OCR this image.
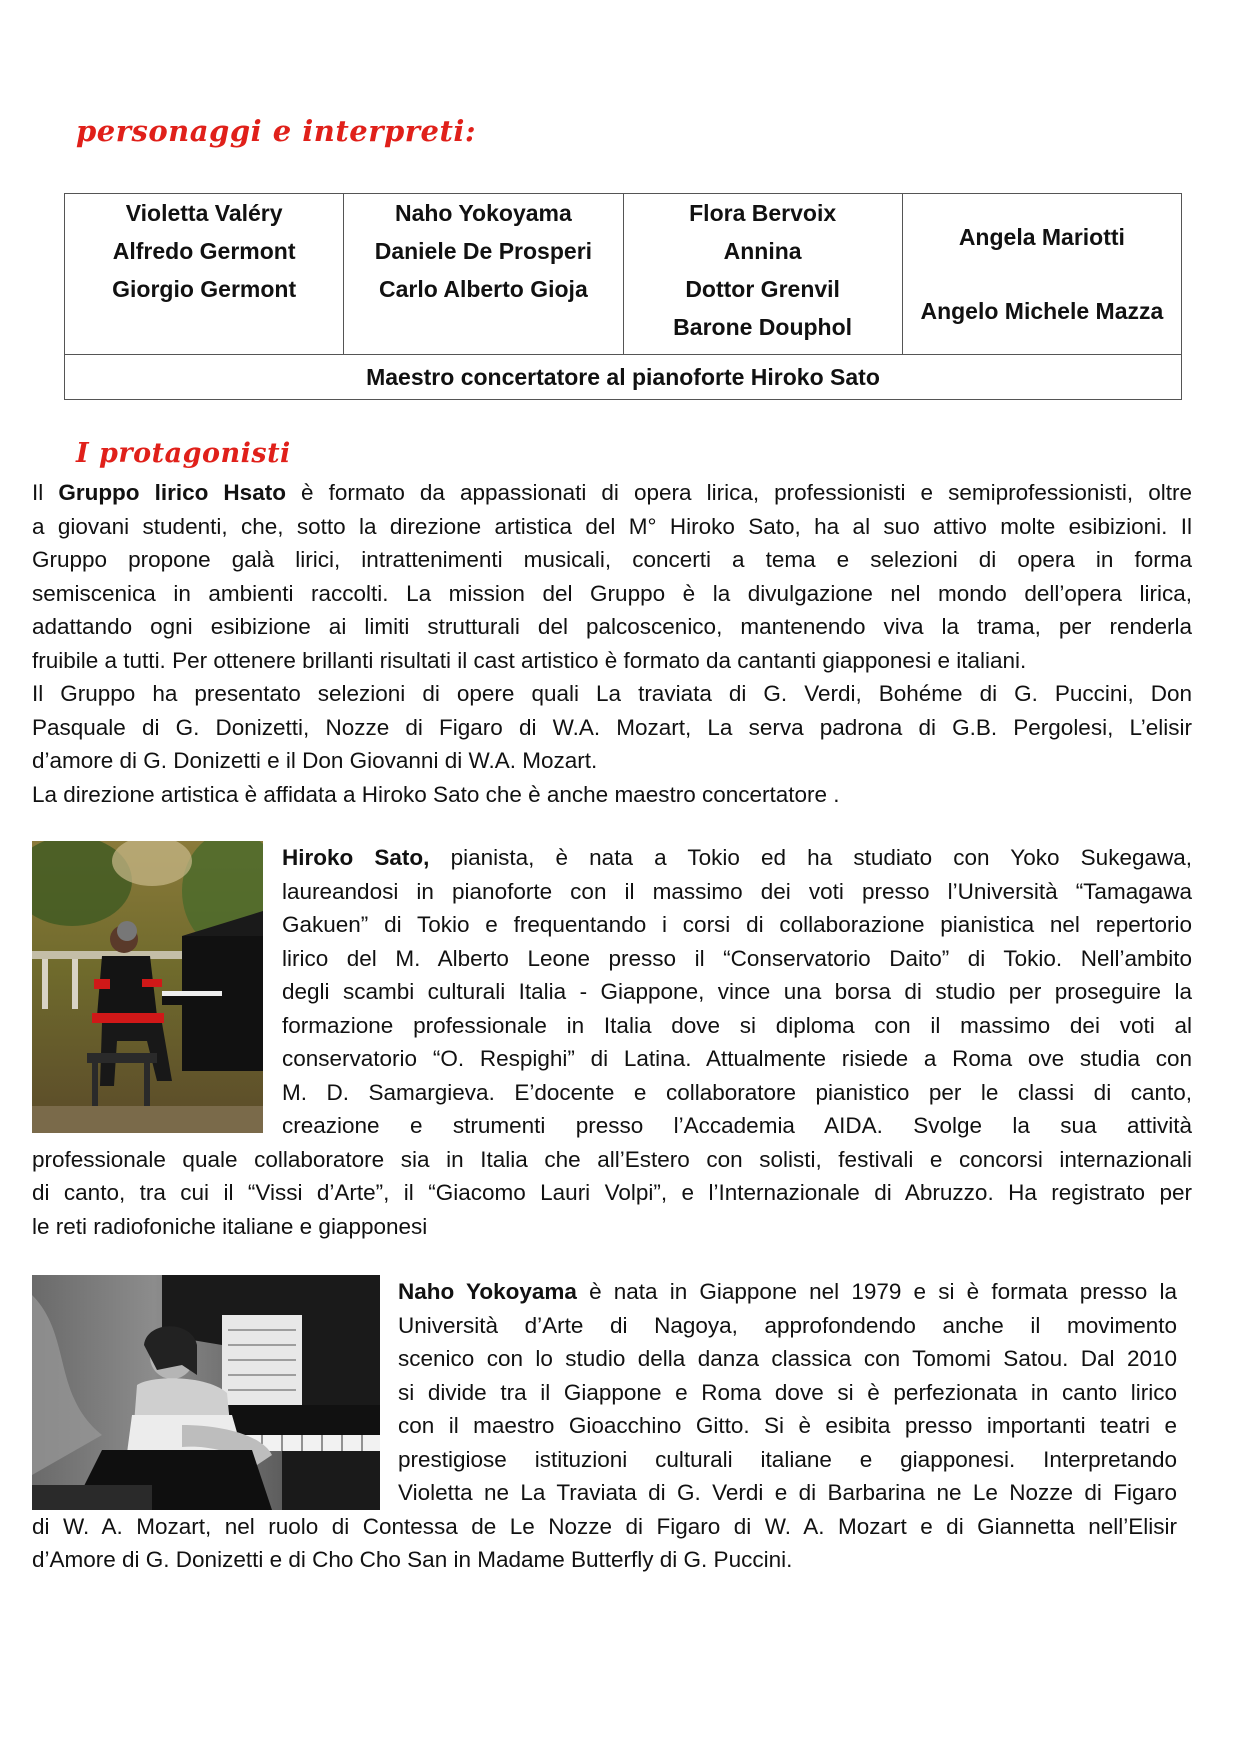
personaggi e interpreti:
Violetta Valéry
Alfredo Germont
Giorgio Germont

Naho Yokoyama
Daniele De Prosperi
Carlo Alberto Gioja

Flora Bervoix
Annina
Dottor Grenvil
Barone Douphol

Angela Mariotti
Angelo Michele Mazza

Maestro concertatore al pianoforte Hiroko Sato
I protagonisti
Il Gruppo lirico Hsato è formato da appassionati di opera lirica, professionisti e semiprofessionisti, oltre
a giovani studenti, che, sotto la direzione artistica del M° Hiroko Sato, ha al suo attivo molte esibizioni. Il
Gruppo propone galà lirici, intrattenimenti musicali, concerti a tema e selezioni di opera in forma
semiscenica in ambienti raccolti. La mission del Gruppo è la divulgazione nel mondo dell’opera lirica,
adattando ogni esibizione ai limiti strutturali del palcoscenico, mantenendo viva la trama, per renderla
fruibile a tutti. Per ottenere brillanti risultati il cast artistico è formato da cantanti giapponesi e italiani.
Il Gruppo ha presentato selezioni di opere quali La traviata di G. Verdi, Bohéme di G. Puccini, Don
Pasquale di G. Donizetti, Nozze di Figaro di W.A. Mozart, La serva padrona di G.B. Pergolesi, L’elisir
d’amore di G. Donizetti e il Don Giovanni di W.A. Mozart.
La direzione artistica è affidata a Hiroko Sato che è anche maestro concertatore .
Hiroko Sato, pianista, è nata a Tokio ed ha studiato con Yoko Sukegawa,
laureandosi in pianoforte con il massimo dei voti presso l’Università “Tamagawa
Gakuen” di Tokio e frequentando i corsi di collaborazione pianistica nel repertorio
lirico del M. Alberto Leone presso il “Conservatorio Daito” di Tokio. Nell’ambito
degli scambi culturali Italia - Giappone, vince una borsa di studio per proseguire la
formazione professionale in Italia dove si diploma con il massimo dei voti al
conservatorio “O. Respighi” di Latina. Attualmente risiede a Roma ove studia con
M. D. Samargieva. E’docente e collaboratore pianistico per le classi di canto,
creazione e strumenti presso l’Accademia AIDA. Svolge la sua attività
professionale quale collaboratore sia in Italia che all’Estero con solisti, festivali e concorsi internazionali
di canto, tra cui il “Vissi d’Arte”, il “Giacomo Lauri Volpi”, e l’Internazionale di Abruzzo. Ha registrato per
le reti radiofoniche italiane e giapponesi
Naho Yokoyama è nata in Giappone nel 1979 e si è formata presso la
Università d’Arte di Nagoya, approfondendo anche il movimento
scenico con lo studio della danza classica con Tomomi Satou. Dal 2010
si divide tra il Giappone e Roma dove si è perfezionata in canto lirico
con il maestro Gioacchino Gitto. Si è esibita presso importanti teatri e
prestigiose istituzioni culturali italiane e giapponesi. Interpretando
Violetta ne La Traviata di G. Verdi e di Barbarina ne Le Nozze di Figaro
di W. A. Mozart, nel ruolo di Contessa de Le Nozze di Figaro di W. A. Mozart e di Giannetta nell’Elisir
d’Amore di G. Donizetti e di Cho Cho San in Madame Butterfly di G. Puccini.
